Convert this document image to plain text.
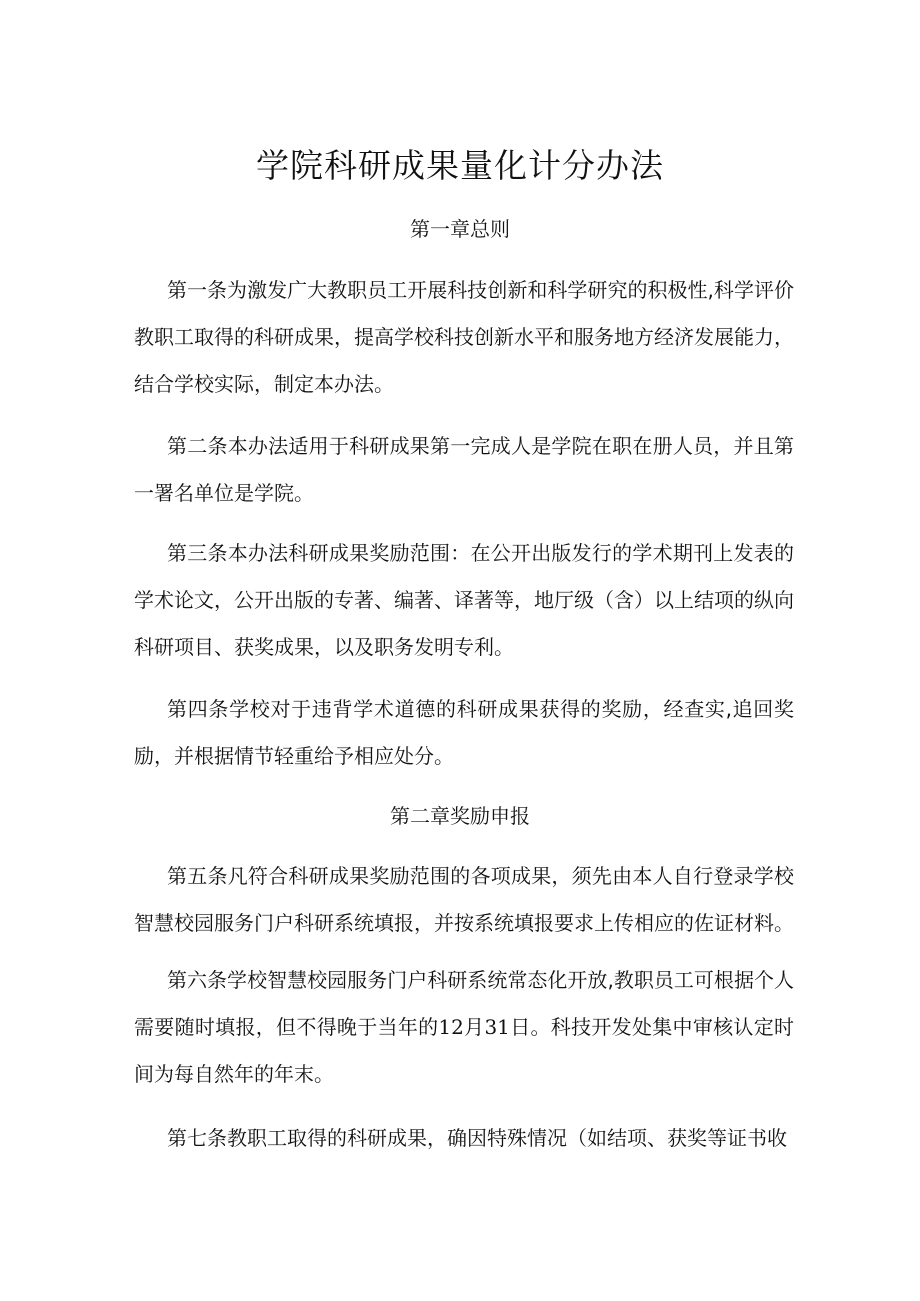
学院科研成果量化计分办法
第一章总则

第一条为激发广大教职员工开展科技创新和科学研究的积极性,科学评价教职工取得的科研成果，提高学校科技创新水平和服务地方经济发展能力，结合学校实际，制定本办法。

第二条本办法适用于科研成果第一完成人是学院在职在册人员，并且第一署名单位是学院。

第三条本办法科研成果奖励范围：在公开出版发行的学术期刊上发表的学术论文，公开出版的专著、编著、译著等，地厅级（含）以上结项的纵向科研项目、获奖成果，以及职务发明专利。

第四条学校对于违背学术道德的科研成果获得的奖励，经查实,追回奖励，并根据情节轻重给予相应处分。

第二章奖励申报

第五条凡符合科研成果奖励范围的各项成果，须先由本人自行登录学校智慧校园服务门户科研系统填报，并按系统填报要求上传相应的佐证材料。

第六条学校智慧校园服务门户科研系统常态化开放,教职员工可根据个人需要随时填报，但不得晚于当年的12月31日。科技开发处集中审核认定时间为每自然年的年末。

第七条教职工取得的科研成果，确因特殊情况（如结项、获奖等证书收
